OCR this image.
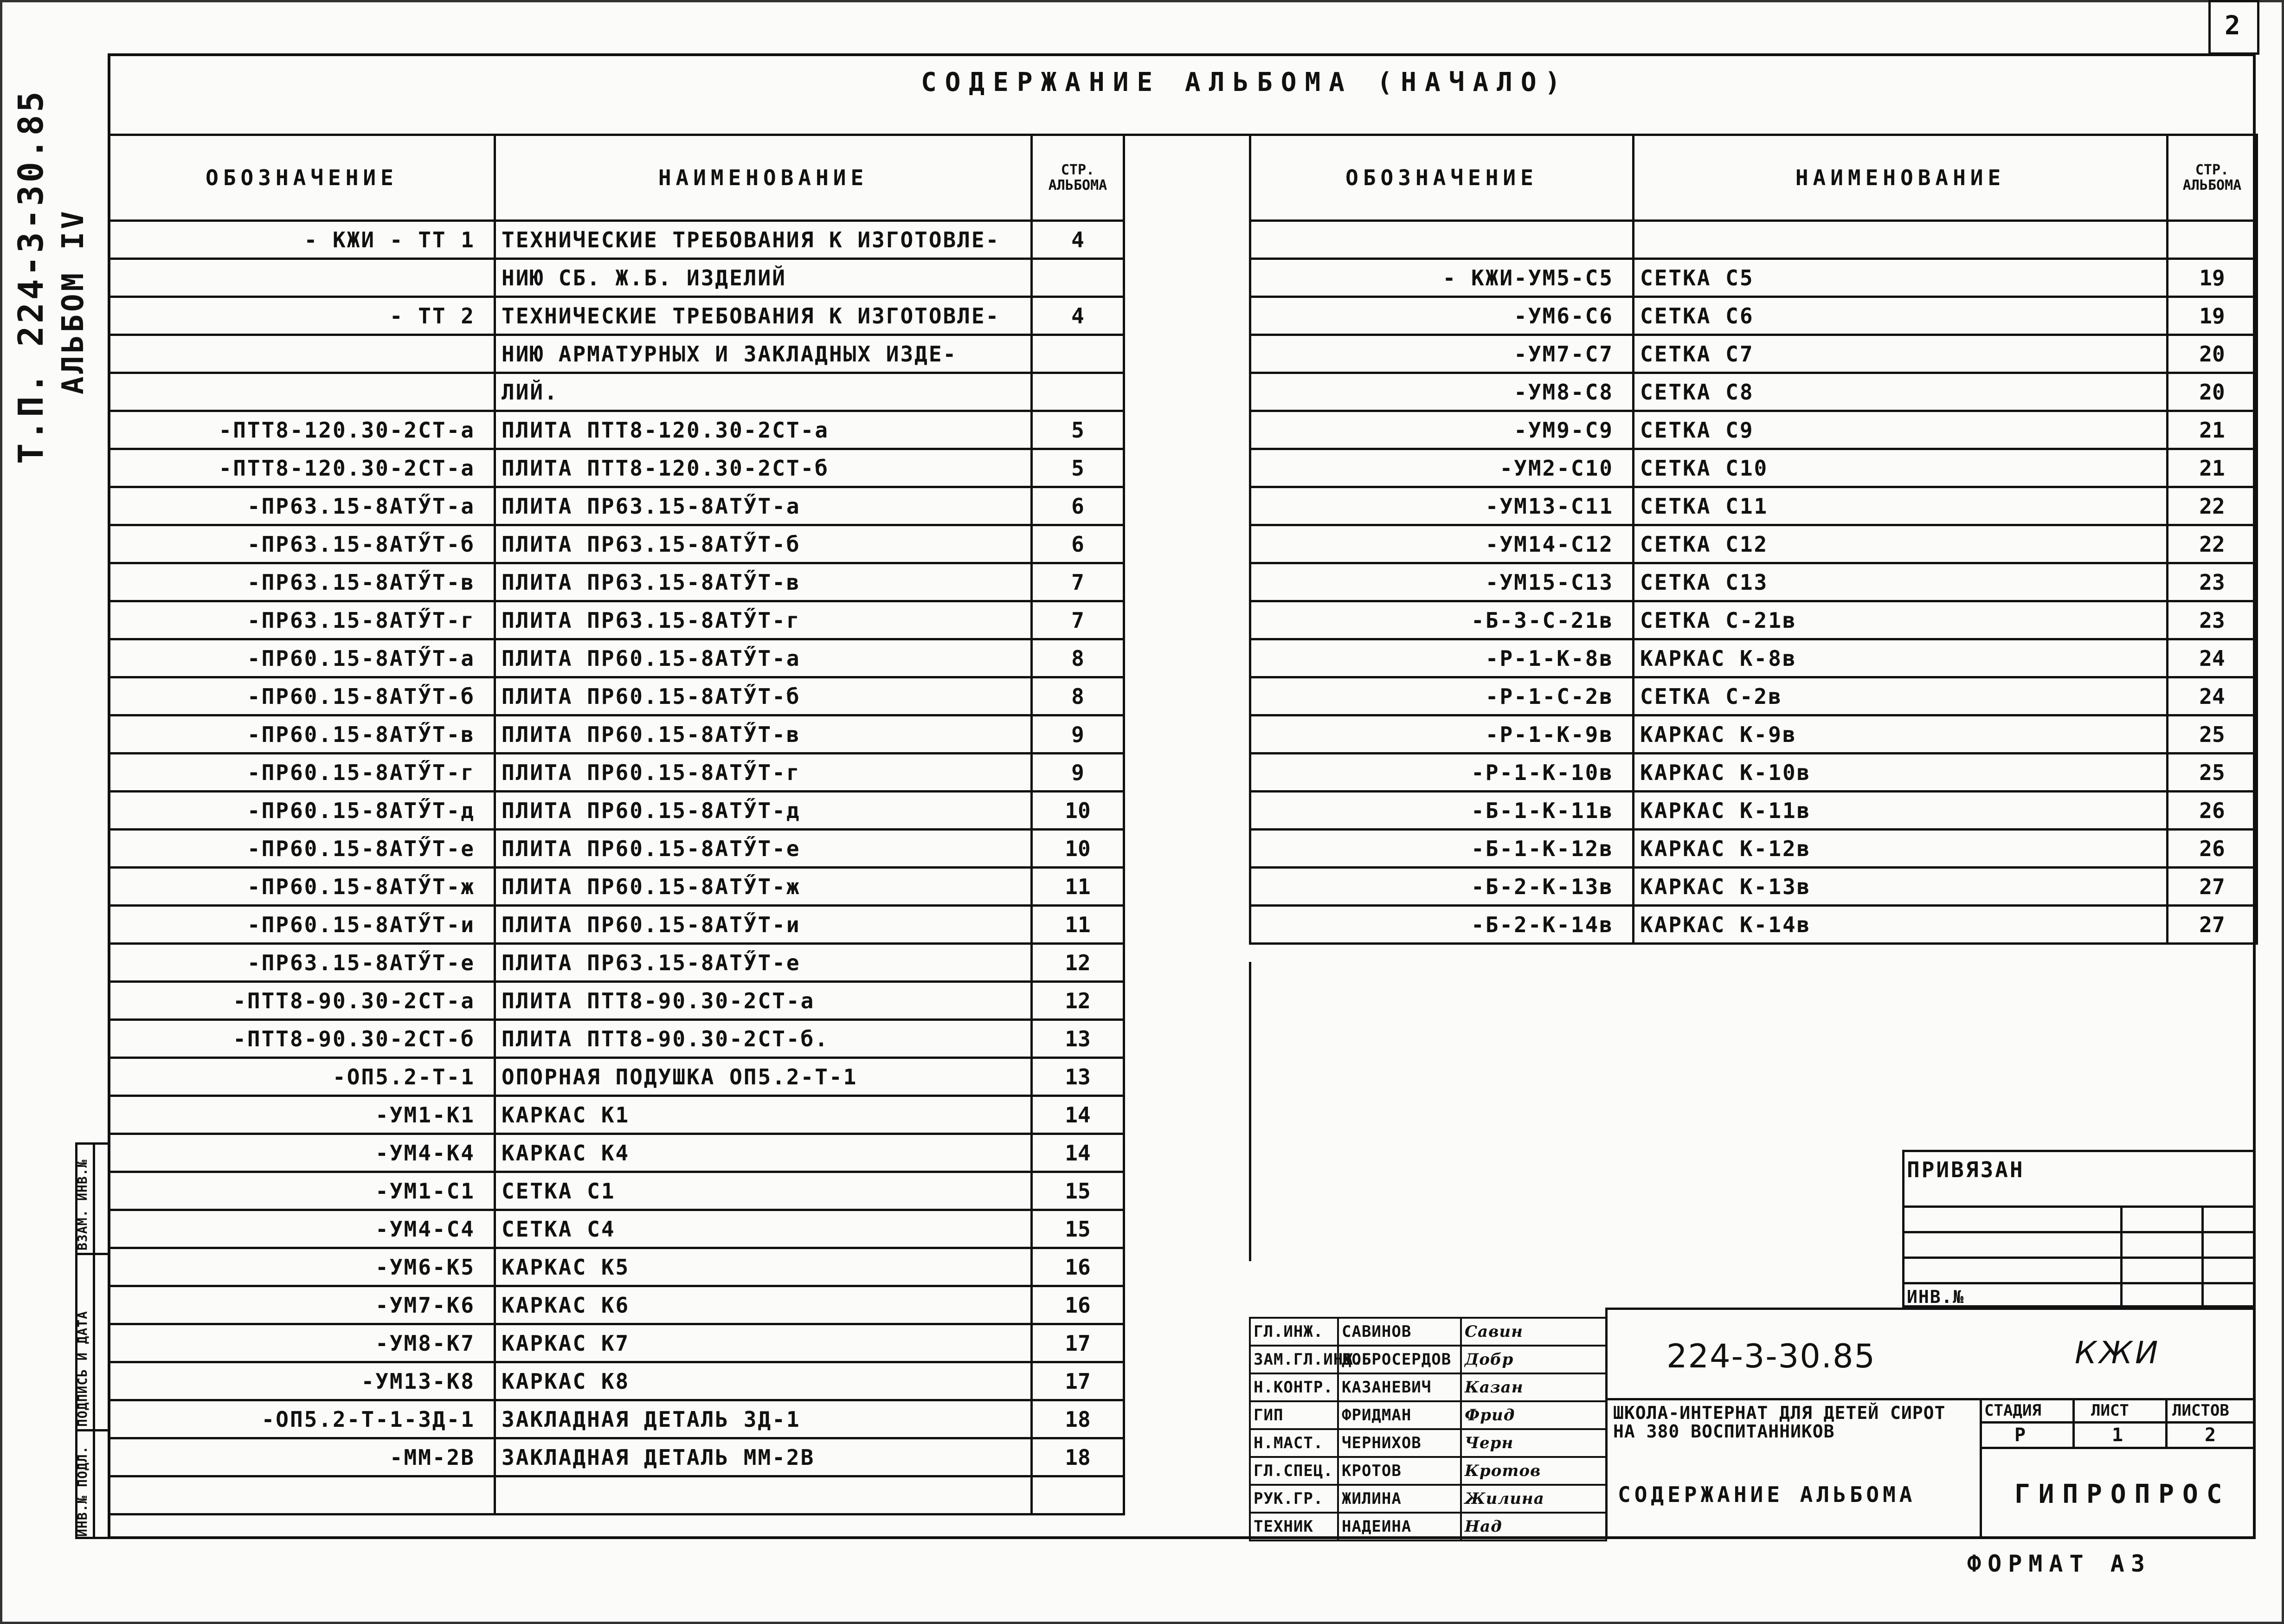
2
Т.П. 224-3-30.85 АЛЬБОМ IV
ИНВ.№ ПОДЛ.
ПОДПИСЬ И ДАТА
ВЗАМ. ИНВ.№
СОДЕРЖАНИЕ АЛЬБОМА (НАЧАЛО)
ОБОЗНАЧЕНИЕ	НАИМЕНОВАНИЕ	СТР. АЛЬБОМА
- КЖИ - ТТ 1	ТЕХНИЧЕСКИЕ ТРЕБОВАНИЯ К ИЗГОТОВЛЕ-	4
	НИЮ СБ. Ж.Б. ИЗДЕЛИЙ	
- ТТ 2	ТЕХНИЧЕСКИЕ ТРЕБОВАНИЯ К ИЗГОТОВЛЕ-	4
	НИЮ АРМАТУРНЫХ И ЗАКЛАДНЫХ ИЗДЕ-	
	ЛИЙ.	
-ПТТ8-120.30-2СТ-а	ПЛИТА ПТТ8-120.30-2СТ-а	5
-ПТТ8-120.30-2СТ-а	ПЛИТА ПТТ8-120.30-2СТ-б	5
-ПР63.15-8АТӲТ-а	ПЛИТА ПР63.15-8АТӲТ-а	6
-ПР63.15-8АТӲТ-б	ПЛИТА ПР63.15-8АТӲТ-б	6
-ПР63.15-8АТӲТ-в	ПЛИТА ПР63.15-8АТӲТ-в	7
-ПР63.15-8АТӲТ-г	ПЛИТА ПР63.15-8АТӲТ-г	7
-ПР60.15-8АТӲТ-а	ПЛИТА ПР60.15-8АТӲТ-а	8
-ПР60.15-8АТӲТ-б	ПЛИТА ПР60.15-8АТӲТ-б	8
-ПР60.15-8АТӲТ-в	ПЛИТА ПР60.15-8АТӲТ-в	9
-ПР60.15-8АТӲТ-г	ПЛИТА ПР60.15-8АТӲТ-г	9
-ПР60.15-8АТӲТ-д	ПЛИТА ПР60.15-8АТӲТ-д	10
-ПР60.15-8АТӲТ-е	ПЛИТА ПР60.15-8АТӲТ-е	10
-ПР60.15-8АТӲТ-ж	ПЛИТА ПР60.15-8АТӲТ-ж	11
-ПР60.15-8АТӲТ-и	ПЛИТА ПР60.15-8АТӲТ-и	11
-ПР63.15-8АТӲТ-е	ПЛИТА ПР63.15-8АТӲТ-е	12
-ПТТ8-90.30-2СТ-а	ПЛИТА ПТТ8-90.30-2СТ-а	12
-ПТТ8-90.30-2СТ-б	ПЛИТА ПТТ8-90.30-2СТ-б.	13
-ОП5.2-Т-1	ОПОРНАЯ ПОДУШКА ОП5.2-Т-1	13
-УМ1-К1	КАРКАС К1	14
-УМ4-К4	КАРКАС К4	14
-УМ1-С1	СЕТКА С1	15
-УМ4-С4	СЕТКА С4	15
-УМ6-К5	КАРКАС К5	16
-УМ7-К6	КАРКАС К6	16
-УМ8-К7	КАРКАС К7	17
-УМ13-К8	КАРКАС К8	17
-ОП5.2-Т-1-ЗД-1	ЗАКЛАДНАЯ ДЕТАЛЬ ЗД-1	18
-ММ-2В	ЗАКЛАДНАЯ ДЕТАЛЬ ММ-2В	18

ОБОЗНАЧЕНИЕ	НАИМЕНОВАНИЕ	СТР. АЛЬБОМА

- КЖИ-УМ5-С5	СЕТКА С5	19
-УМ6-С6	СЕТКА С6	19
-УМ7-С7	СЕТКА С7	20
-УМ8-С8	СЕТКА С8	20
-УМ9-С9	СЕТКА С9	21
-УМ2-С10	СЕТКА С10	21
-УМ13-С11	СЕТКА С11	22
-УМ14-С12	СЕТКА С12	22
-УМ15-С13	СЕТКА С13	23
-Б-3-С-21в	СЕТКА С-21в	23
-Р-1-К-8в	КАРКАС К-8в	24
-Р-1-С-2в	СЕТКА С-2в	24
-Р-1-К-9в	КАРКАС К-9в	25
-Р-1-К-10в	КАРКАС К-10в	25
-Б-1-К-11в	КАРКАС К-11в	26
-Б-1-К-12в	КАРКАС К-12в	26
-Б-2-К-13в	КАРКАС К-13в	27
-Б-2-К-14в	КАРКАС К-14в	27
ПРИВЯЗАН
ИНВ.№
ГЛ.ИНЖ.	САВИНОВ	Савин
ЗАМ.ГЛ.ИНЖ.	ДОБРОСЕРДОВ	Добр
Н.КОНТР.	КАЗАНЕВИЧ	Казан
ГИП	ФРИДМАН	Фрид
Н.МАСТ.	ЧЕРНИХОВ	Черн
ГЛ.СПЕЦ.	КРОТОВ	Кротов
РУК.ГР.	ЖИЛИНА	Жилина
ТЕХНИК	НАДЕИНА	Над
224-3-30.85	КЖИ
ШКОЛА-ИНТЕРНАТ ДЛЯ ДЕТЕЙ СИРОТ НА 380 ВОСПИТАННИКОВ
СОДЕРЖАНИЕ АЛЬБОМА
СТАДИЯ	ЛИСТ	ЛИСТОВ
Р	1	2
ГИПРОПРОС
ФОРМАТ А3
